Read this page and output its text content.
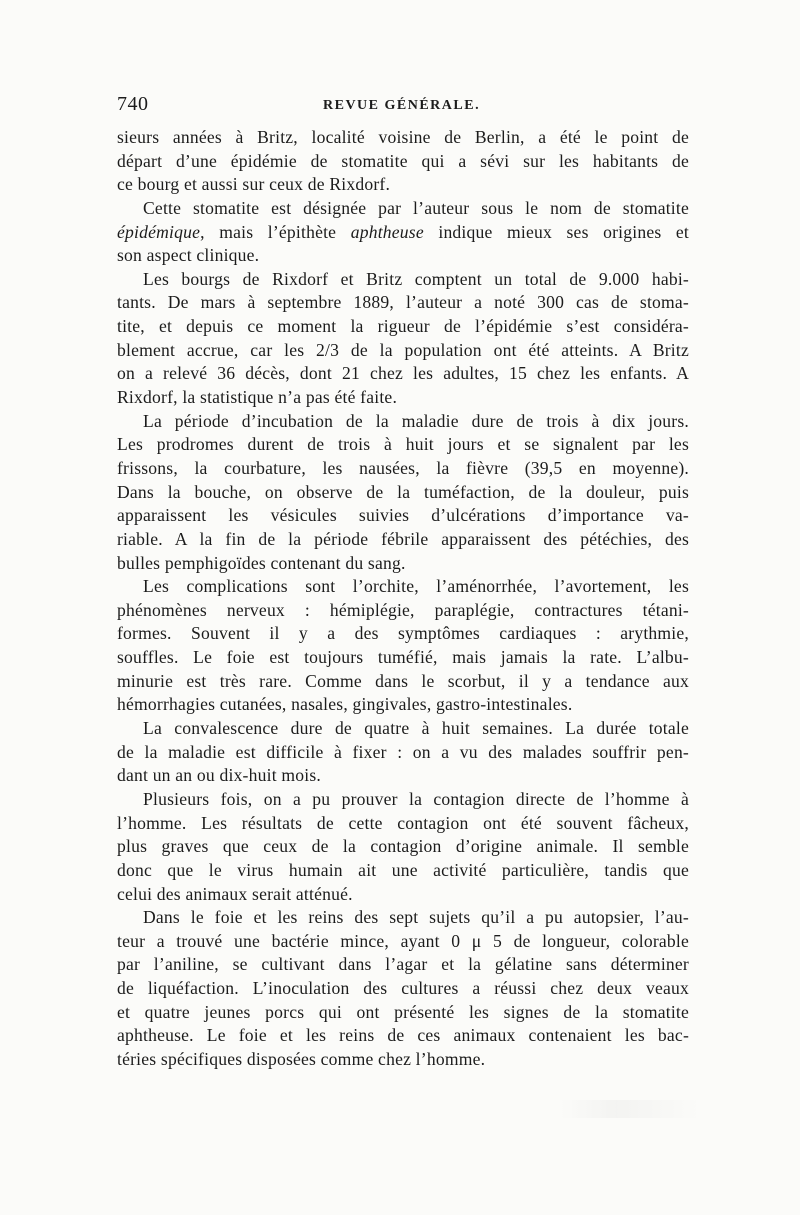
740	REVUE GÉNÉRALE.
sieurs années à Britz, localité voisine de Berlin, a été le point de
départ d’une épidémie de stomatite qui a sévi sur les habitants de
ce bourg et aussi sur ceux de Rixdorf.
Cette stomatite est désignée par l’auteur sous le nom de stomatite
épidémique, mais l’épithète aphtheuse indique mieux ses origines et
son aspect clinique.
Les bourgs de Rixdorf et Britz comptent un total de 9.000 habi-
tants. De mars à septembre 1889, l’auteur a noté 300 cas de stoma-
tite, et depuis ce moment la rigueur de l’épidémie s’est considéra-
blement accrue, car les 2/3 de la population ont été atteints. A Britz
on a relevé 36 décès, dont 21 chez les adultes, 15 chez les enfants. A
Rixdorf, la statistique n’a pas été faite.
La période d’incubation de la maladie dure de trois à dix jours.
Les prodromes durent de trois à huit jours et se signalent par les
frissons, la courbature, les nausées, la fièvre (39,5 en moyenne).
Dans la bouche, on observe de la tuméfaction, de la douleur, puis
apparaissent les vésicules suivies d’ulcérations d’importance va-
riable. A la fin de la période fébrile apparaissent des pétéchies, des
bulles pemphigoïdes contenant du sang.
Les complications sont l’orchite, l’aménorrhée, l’avortement, les
phénomènes nerveux : hémiplégie, paraplégie, contractures tétani-
formes. Souvent il y a des symptômes cardiaques : arythmie,
souffles. Le foie est toujours tuméfié, mais jamais la rate. L’albu-
minurie est très rare. Comme dans le scorbut, il y a tendance aux
hémorrhagies cutanées, nasales, gingivales, gastro-intestinales.
La convalescence dure de quatre à huit semaines. La durée totale
de la maladie est difficile à fixer : on a vu des malades souffrir pen-
dant un an ou dix-huit mois.
Plusieurs fois, on a pu prouver la contagion directe de l’homme à
l’homme. Les résultats de cette contagion ont été souvent fâcheux,
plus graves que ceux de la contagion d’origine animale. Il semble
donc que le virus humain ait une activité particulière, tandis que
celui des animaux serait atténué.
Dans le foie et les reins des sept sujets qu’il a pu autopsier, l’au-
teur a trouvé une bactérie mince, ayant 0 μ 5 de longueur, colorable
par l’aniline, se cultivant dans l’agar et la gélatine sans déterminer
de liquéfaction. L’inoculation des cultures a réussi chez deux veaux
et quatre jeunes porcs qui ont présenté les signes de la stomatite
aphtheuse. Le foie et les reins de ces animaux contenaient les bac-
téries spécifiques disposées comme chez l’homme.
